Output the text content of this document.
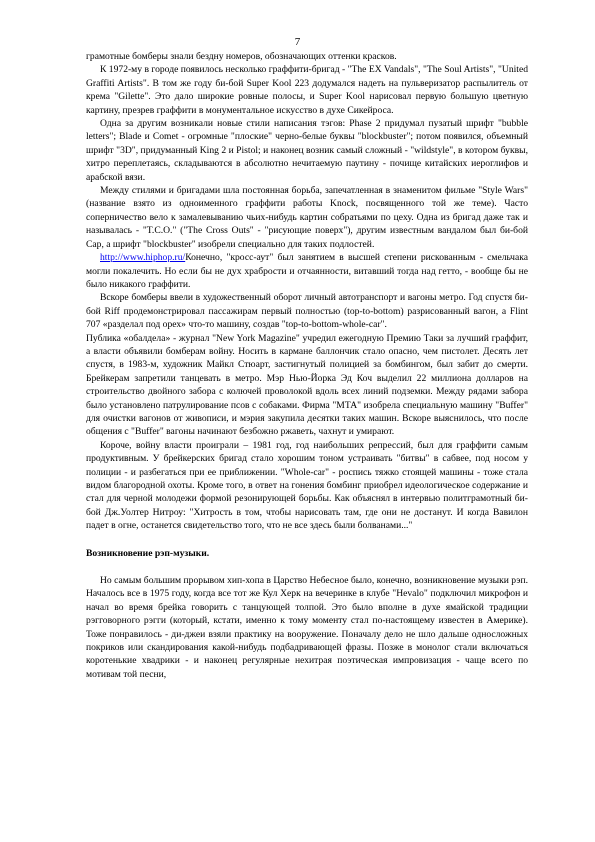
7

грамотные бомберы знали бездну номеров, обозначающих оттенки красков.

К 1972-му в городе появилось несколько граффити-бригад - "The EX Vandals", "The Soul Artists", "United Graffiti Artists". В том же году би-бой Super Kool 223 додумался надеть на пульверизатор распылитель от крема "Gilette". Это дало широкие ровные полосы, и Super Kool нарисовал первую большую цветную картину, презрев граффити в монументальное искусство в духе Сикейроса.

Одна за другим возникали новые стили написания тэгов: Phase 2 придумал пузатый шрифт "bubble letters"; Blade и Comet - огромные "плоские" черно-белые буквы "blockbuster"; потом появился, объемный шрифт "3D", придуманный King 2 и Pistol; и наконец возник самый сложный - "wildstyle", в котором буквы, хитро переплетаясь, складываются в абсолютно нечитаемую паутину - почище китайских иероглифов и арабской вязи.

Между стилями и бригадами шла постоянная борьба, запечатленная в знаменитом фильме "Style Wars" (название взято из одноименного граффити работы Knock, посвященного той же теме). Часто соперничество вело к замалевыванию чьих-нибудь картин собратьями по цеху. Одна из бригад даже так и называлась - "T.C.O." ("The Cross Outs" - "рисующие поверх"), другим известным вандалом был би-бой Cap, а шрифт "blockbuster" изобрели специально для таких подлостей.

http://www.hiphop.ru/Конечно, "кросс-аут" был занятием в высшей степени рискованным - смельчака могли покалечить. Но если бы не дух храбрости и отчаянности, витавший тогда над гетто, - вообще бы не было никакого граффити.

Вскоре бомберы ввели в художественный оборот личный автотранспорт и вагоны метро. Год спустя би-бой Riff продемонстрировал пассажирам первый полностью (top-to-bottom) разрисованный вагон, а Flint 707 «разделал под орех» что-то машину, создав "top-to-bottom-whole-car".

Публика «обалдела» - журнал "New York Magazine" учредил ежегодную Премию Таки за лучший граффит, а власти объявили бомберам войну. Носить в кармане баллончик стало опасно, чем пистолет. Десять лет спустя, в 1983-м, художник Майкл Стюарт, застигнутый полицией за бомбингом, был забит до смерти. Брейкерам запретили танцевать в метро. Мэр Нью-Йорка Эд Коч выделил 22 миллиона долларов на строительство двойного забора с колючей проволокой вдоль всех линий подземки. Между рядами забора было установлено патрулирование псов с собаками. Фирма "МТА" изобрела специальную машину "Buffer" для очистки вагонов от живописи, и мэрия закупила десятки таких машин. Вскоре выяснилось, что после общения с "Buffer" вагоны начинают безбожно ржаветь, чахнут и умирают.

Короче, войну власти проиграли – 1981 год, год наибольших репрессий, был для граффити самым продуктивным. У брейкерских бригад стало хорошим тоном устраивать "битвы" в сабвее, под носом у полиции - и разбегаться при ее приближении. "Whole-car" - роспись тяжко стоящей машины - тоже стала видом благородной охоты. Кроме того, в ответ на гонения бомбинг приобрел идеологическое содержание и стал для черной молодежи формой резонирующей борьбы. Как объяснял в интервью политграмотный би-бой Дж.Уолтер Нитроу: "Хитрость в том, чтобы нарисовать там, где они не достанут. И когда Вавилон падет в огне, останется свидетельство того, что не все здесь были болванами..."

Возникновение рэп-музыки.

Но самым большим прорывом хип-хопа в Царство Небесное было, конечно, возникновение музыки рэп. Началось все в 1975 году, когда все тот же Кул Херк на вечеринке в клубе "Hevalo" подключил микрофон и начал во время брейка говорить с танцующей толпой. Это было вполне в духе ямайской традиции рэгговорного рэгги (который, кстати, именно к тому моменту стал по-настоящему известен в Америке). Тоже понравилось - ди-джеи взяли практику на вооружение. Поначалу дело не шло дальше односложных покриков или скандирования какой-нибудь подбадривающей фразы. Позже в монолог стали включаться коротенькие хвадрики - и наконец регулярные нехитрая поэтическая импровизация - чаще всего по мотивам той песни,
